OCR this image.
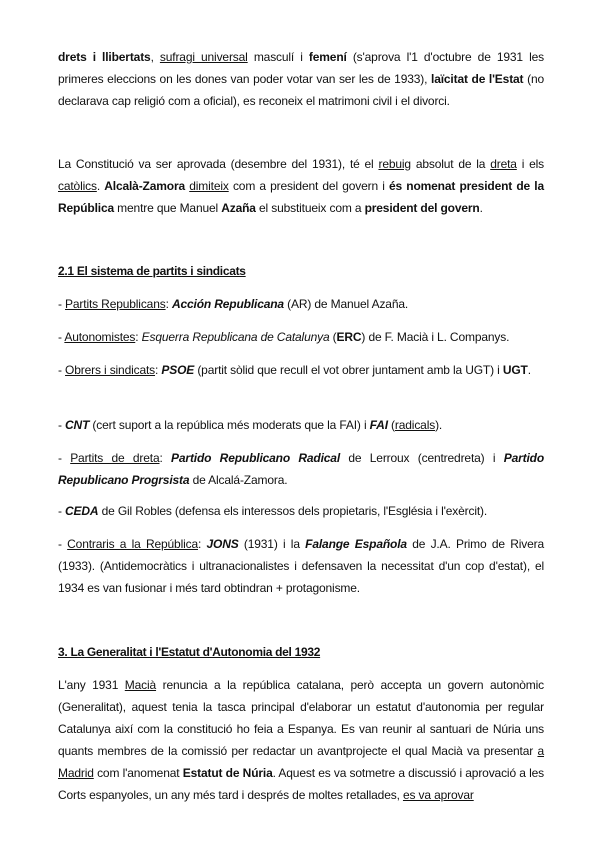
drets i llibertats, sufragi universal masculí i femení (s'aprova l'1 d'octubre de 1931 les primeres eleccions on les dones van poder votar van ser les de 1933), laïcitat de l'Estat (no declarava cap religió com a oficial), es reconeix el matrimoni civil i el divorci.

La Constitució va ser aprovada (desembre del 1931), té el rebuig absolut de la dreta i els catòlics. Alcalà-Zamora dimiteix com a president del govern i és nomenat president de la República mentre que Manuel Azaña el substitueix com a president del govern.

2.1 El sistema de partits i sindicats

- Partits Republicans: Acción Republicana (AR) de Manuel Azaña.

- Autonomistes: Esquerra Republicana de Catalunya (ERC) de F. Macià i L. Companys.

- Obrers i sindicats: PSOE (partit sòlid que recull el vot obrer juntament amb la UGT) i UGT.

- CNT (cert suport a la república més moderats que la FAI) i FAI (radicals).

- Partits de dreta: Partido Republicano Radical de Lerroux (centredreta) i Partido Republicano Progrsista de Alcalá-Zamora.

- CEDA de Gil Robles (defensa els interessos dels propietaris, l'Església i l'exèrcit).

- Contraris a la República: JONS (1931) i la Falange Española de J.A. Primo de Rivera (1933). (Antidemocràtics i ultranacionalistes i defensaven la necessitat d'un cop d'estat), el 1934 es van fusionar i més tard obtindran + protagonisme.

3. La Generalitat i l'Estatut d'Autonomia del 1932

L'any 1931 Macià renuncia a la república catalana, però accepta un govern autonòmic (Generalitat), aquest tenia la tasca principal d'elaborar un estatut d'autonomia per regular Catalunya així com la constitució ho feia a Espanya. Es van reunir al santuari de Núria uns quants membres de la comissió per redactar un avantprojecte el qual Macià va presentar a Madrid com l'anomenat Estatut de Núria. Aquest es va sotmetre a discussió i aprovació a les Corts espanyoles, un any més tard i després de moltes retallades, es va aprovar
